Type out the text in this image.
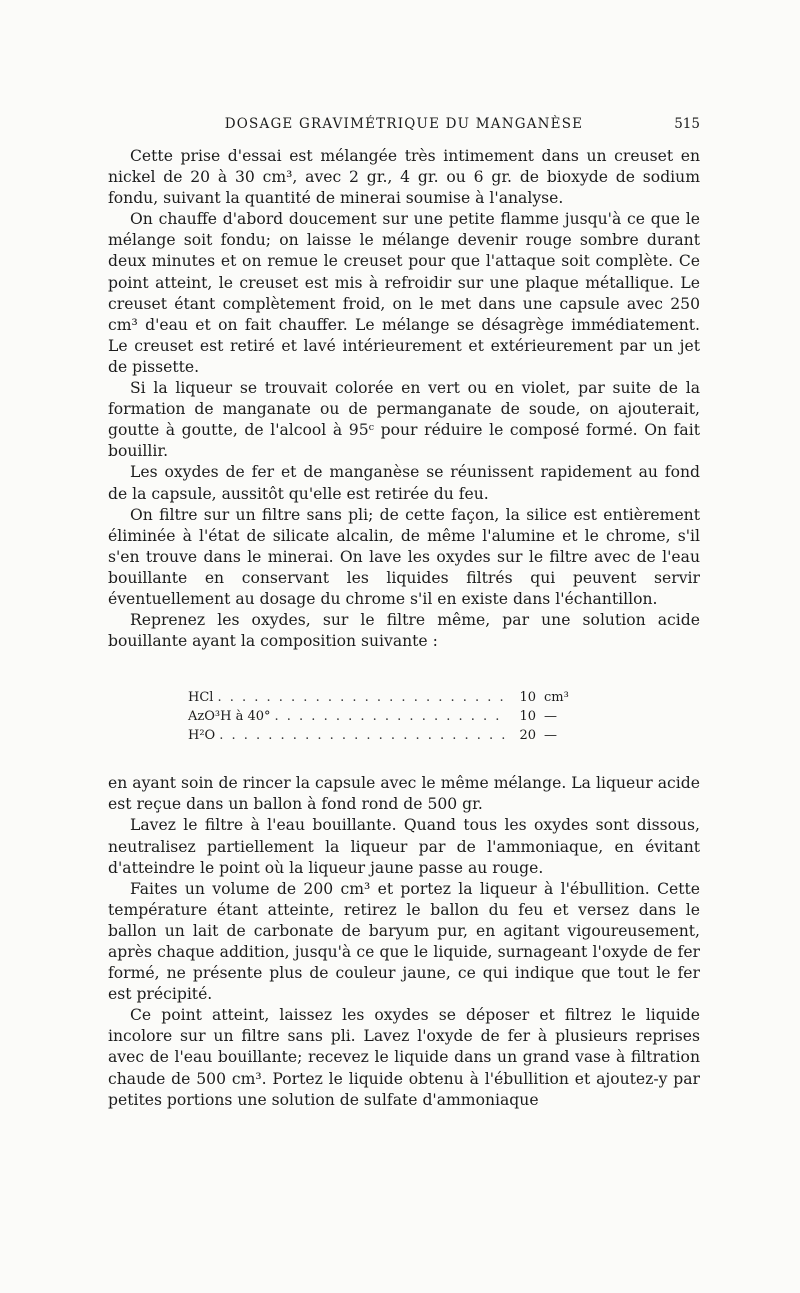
DOSAGE GRAVIMÉTRIQUE DU MANGANÈSE	515

Cette prise d'essai est mélangée très intimement dans un creuset en nickel de 20 à 30 cm³, avec 2 gr., 4 gr. ou 6 gr. de bioxyde de sodium fondu, suivant la quantité de minerai soumise à l'analyse.

On chauffe d'abord doucement sur une petite flamme jusqu'à ce que le mélange soit fondu; on laisse le mélange devenir rouge sombre durant deux minutes et on remue le creuset pour que l'attaque soit complète. Ce point atteint, le creuset est mis à refroidir sur une plaque métallique. Le creuset étant complètement froid, on le met dans une capsule avec 250 cm³ d'eau et on fait chauffer. Le mélange se désagrège immédiatement. Le creuset est retiré et lavé intérieurement et extérieurement par un jet de pissette.

Si la liqueur se trouvait colorée en vert ou en violet, par suite de la formation de manganate ou de permanganate de soude, on ajouterait, goutte à goutte, de l'alcool à 95ᶜ pour réduire le composé formé. On fait bouillir.

Les oxydes de fer et de manganèse se réunissent rapidement au fond de la capsule, aussitôt qu'elle est retirée du feu.

On filtre sur un filtre sans pli; de cette façon, la silice est entièrement éliminée à l'état de silicate alcalin, de même l'alumine et le chrome, s'il s'en trouve dans le minerai. On lave les oxydes sur le filtre avec de l'eau bouillante en conservant les liquides filtrés qui peuvent servir éventuellement au dosage du chrome s'il en existe dans l'échantillon.

Reprenez les oxydes, sur le filtre même, par une solution acide bouillante ayant la composition suivante :

HCl . . .	10 cm³
AzO³H à 40° . . .	10 —
H²O . . .	20 —

en ayant soin de rincer la capsule avec le même mélange. La liqueur acide est reçue dans un ballon à fond rond de 500 gr.

Lavez le filtre à l'eau bouillante. Quand tous les oxydes sont dissous, neutralisez partiellement la liqueur par de l'ammoniaque, en évitant d'atteindre le point où la liqueur jaune passe au rouge.

Faites un volume de 200 cm³ et portez la liqueur à l'ébullition. Cette température étant atteinte, retirez le ballon du feu et versez dans le ballon un lait de carbonate de baryum pur, en agitant vigoureusement, après chaque addition, jusqu'à ce que le liquide, surnageant l'oxyde de fer formé, ne présente plus de couleur jaune, ce qui indique que tout le fer est précipité.

Ce point atteint, laissez les oxydes se déposer et filtrez le liquide incolore sur un filtre sans pli. Lavez l'oxyde de fer à plusieurs reprises avec de l'eau bouillante; recevez le liquide dans un grand vase à filtration chaude de 500 cm³. Portez le liquide obtenu à l'ébullition et ajoutez-y par petites portions une solution de sulfate d'ammoniaque
